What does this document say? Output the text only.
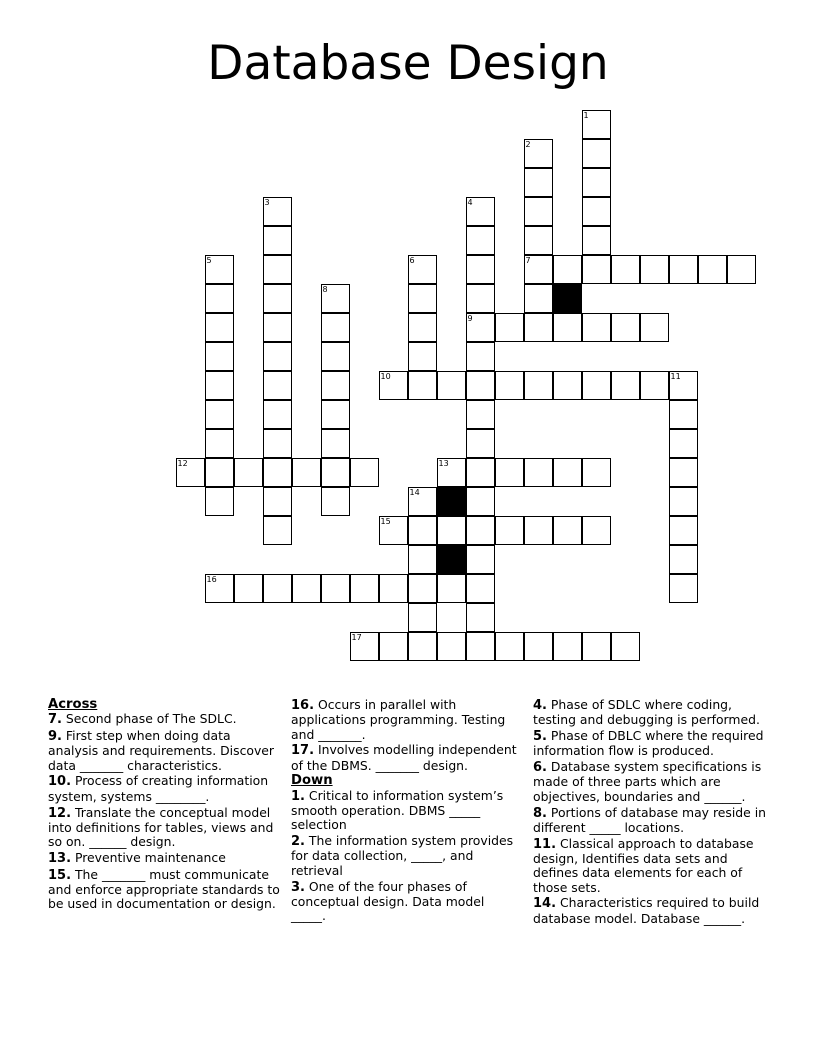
Database Design
1
2
7
3	4
9
5	6
8
10	11
12	13
14
15
16
17
Across
7. Second phase of The SDLC.
9. First step when doing data analysis and requirements. Discover data _______ characteristics.
10. Process of creating information system, systems ________.
12. Translate the conceptual model into definitions for tables, views and so on. ______ design.
13. Preventive maintenance
15. The _______ must communicate and enforce appropriate standards to be used in documentation or design.
16. Occurs in parallel with applications programming. Testing and _______.
17. Involves modelling independent of the DBMS. _______ design.
Down
1. Critical to information system’s smooth operation. DBMS _____ selection
2. The information system provides for data collection, _____, and retrieval
3. One of the four phases of conceptual design. Data model _____.
4. Phase of SDLC where coding, testing and debugging is performed.
5. Phase of DBLC where the required information flow is produced.
6. Database system specifications is made of three parts which are objectives, boundaries and ______.
8. Portions of database may reside in different _____ locations.
11. Classical approach to database design, Identifies data sets and defines data elements for each of those sets.
14. Characteristics required to build database model. Database ______.
